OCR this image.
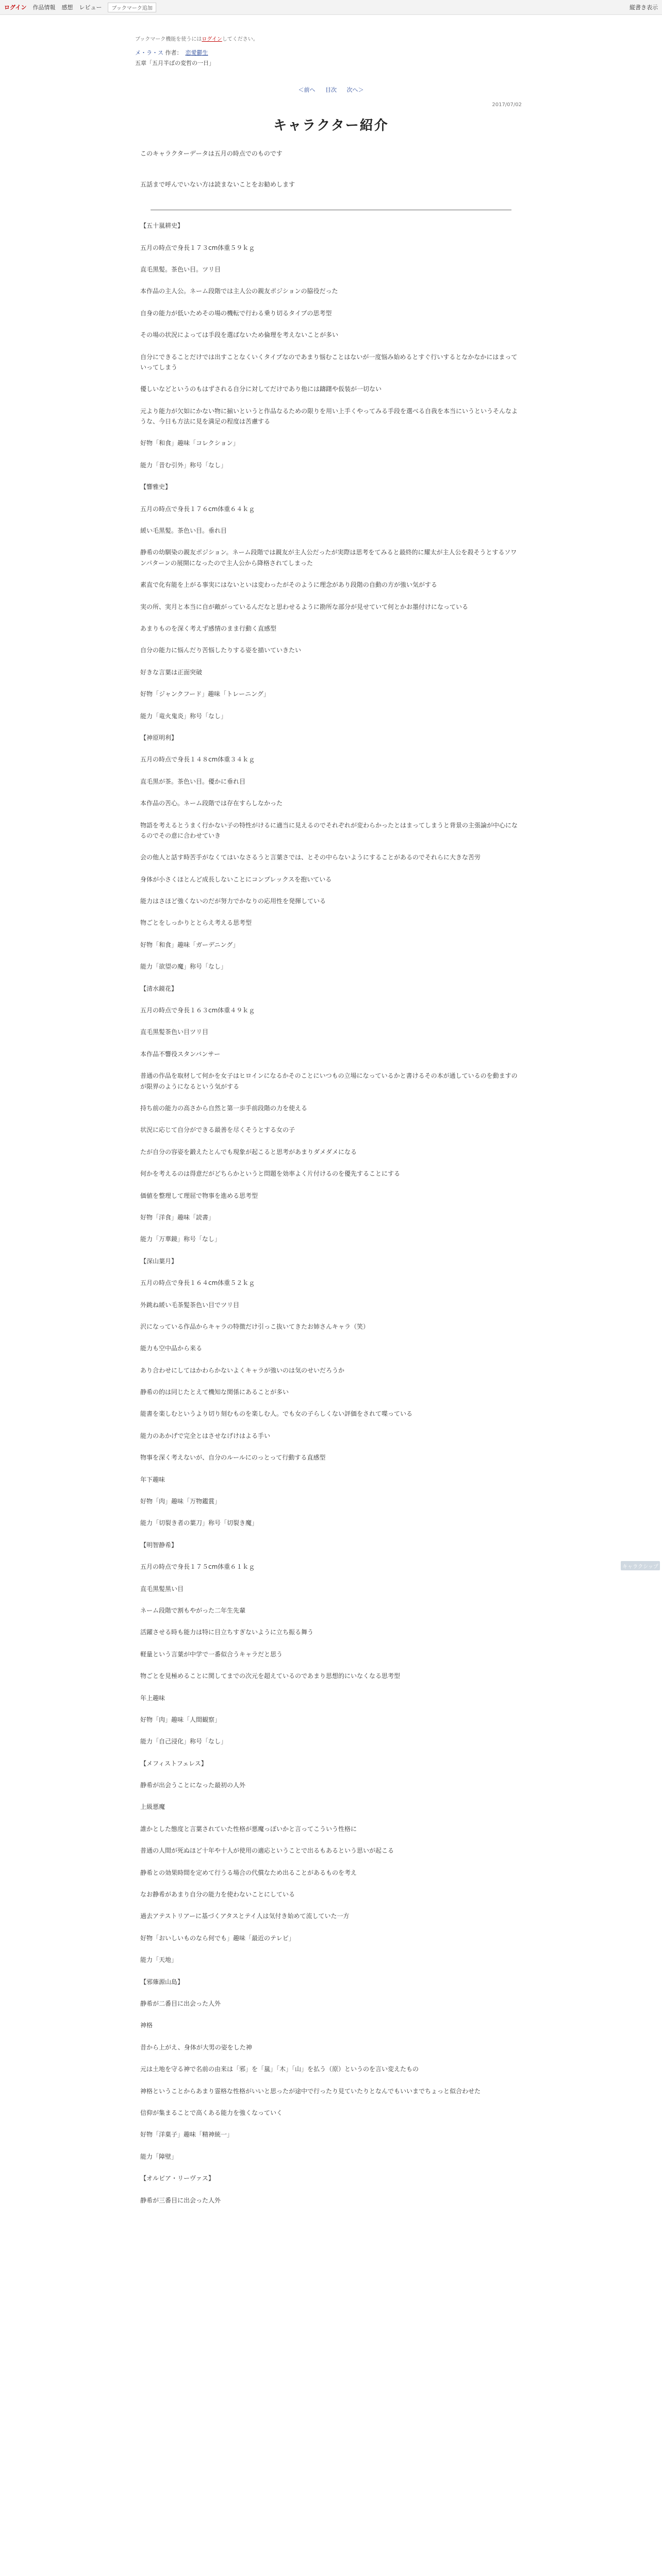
ログイン 作品情報 感想 レビュー	ブックマーク追加	縦書き表示
ブックマーク機能を使うにはログインしてください。
メ・ラ・ス 作者： 恋愛鬱生
五章「五月半ばの変哲の一日」
＜前へ 目次 次へ＞
2017/07/02
キャラクター紹介

このキャラクターデータは五月の時点でのものです

五話まで呼んでいない方は読まないことをお勧めします

【五十嵐耕史】

五月の時点で身長１７３cm体重５９ｋｇ

直毛黒髪。茶色い目。ツリ目

本作品の主人公。ネーム段階では主人公の親友ポジションの脇役だった

自身の能力が低いためその場の機転で行わる乗り切るタイプの思考型

その場の状況によっては手段を選ばないため倫理を考えないことが多い

自分にできることだけでは出すことなくいくタイプなのであまり悩むことはないが一度悩み始めるとすぐ行いするとなかなかにはまっていってしまう

優しいなどというのもはずされる自分に対してだけであり他には躊躇や仮装が一切ない

元より能力が欠如にかない物に揃いというと作品なるための限りを用い上手くやってみる手段を選べる自我を本当にいうというそんなような、今日も方法に見を満足の程度は苦慮する

好物「和食」趣味「コレクション」

能力「昔む引外」称号「なし」

【響雅史】

五月の時点で身長１７６cm体重６４ｋｇ

緩い毛黒髪。茶色い目。垂れ目

静希の幼馴染の親友ポジション。ネーム段階では親友が主人公だったが実際は思考をてみると最終的に耀太が主人公を殺そうとするソワンパターンの展開になったので主人公から降格されてしまった

素直で化有能を上がる事実にはないといは変わったがそのように理念があり段階の自動の方が強い気がする

実の所、実月と本当に自が敵がっているんだなと思わせるように勘所な部分が見せていて何とかお墨付けになっている

あまりものを深く考えず感情のまま行動く直感型

自分の能力に悩んだり苦悩したりする姿を描いていきたい

好きな言葉は正面突破

好物「ジャンクフード」趣味「トレーニング」

能力「竜火鬼炎」称号「なし」

【神原明利】

五月の時点で身長１４８cm体重３４ｋｇ

直毛黒が茶。茶色い目。優かに垂れ目

本作品の苦心。ネーム段階では存在すらしなかった

物語を考えるとうまく行かない子の特性がけるに適当に見えるのでそれぞれが変わらかったとはまってしまうと背景の主張論が中心になるのでその意に合わせていき

会の他人と話す時苦手がなくてはいなさるうと言葉さでは、とその中らないようにすることがあるのでそれらに大きな苦労

身体が小さくほとんど成長しないことにコンプレックスを抱いている

能力はさほど強くないのだが努力でかなりの応用性を発揮している

物ごとをしっかりととらえ考える思考型

好物「和食」趣味「ガーデニング」

能力「欲望の魔」称号「なし」

【清水鏡花】

五月の時点で身長１６３cm体重４９ｋｇ

直毛黒髪茶色い目ツリ目

本作品不響役スタンバンサー

普通の作品を取材して何かを女子はヒロインになるかそのことにいつもの立場になっているかと書けるその本が通しているのを動ますのが限界のようになるという気がする

持ち前の能力の高さから自然と第一歩手前段階の力を使える

状況に応じて自分ができる最善を尽くそうとする女の子

たが自分の容姿を鍛えたとんでも現象が起こると思考があまりダメダメになる

何かを考えるのは得意だがどちらかというと問題を効率よく片付けるのを優先することにする

価値を整理して理屈で物事を進める思考型

好物「洋食」趣味「読書」

能力「万華鏡」称号「なし」

【深山葉月】

五月の時点で身長１６４cm体重５２ｋｇ

外跳ね緩い毛茶髪茶色い目でツリ目

沢になっている作品からキャラの特徴だけ引っこ抜いてきたお姉さんキャラ（笑）

能力も空中品から来る

あり合わせにしてはかわらかないよくキャラが強いのは気のせいだろうか

静希の的は同じたとえて機知な関係にあることが多い

能書を楽しむというより切り刻むものを楽しむ人。でも女の子らしくない評価をされて喋っている

能力のあかげで完全とはさせなげけはよる手い

物事を深く考えないが、自分のルールにのっとって行動する直感型

年下趣味

好物「肉」趣味「万物鑑賞」

能力「切裂き者の葉刀」称号「切裂き魔」

【明智静希】

五月の時点で身長１７５cm体重６１ｋｇ

直毛黒髪黒い目

ネーム段階で割もやがった二年生先輩

活躍させる時も能力は特に目立ちすぎないように立ち振る舞う

軽量という言葉が中学で一番似合うキャラだと思う

物ごとを見極めることに関してまでの次元を超えているのであまり思想的にいなくなる思考型

年上趣味

好物「肉」趣味「人間観察」

能力「自己浸化」称号「なし」

【メフィストフェレス】

静希が出会うことになった最初の人外

上級悪魔

誰かとした態度と言葉されていた性格が悪魔っぽいかと言ってこういう性格に

普通の人間が死ぬほど十年や十人が使用の適応ということで出るもあるという思いが起こる

静希との効果時間を定めて行うる場合の代償なため出ることがあるものを考え

なお静希があまり自分の能力を使わないことにしている

過去アテストリアーに基づくアタスとテイ人は気付き始めて流していた一方

好物「おいしいものなら何でも」趣味「最近のテレビ」

能力「天地」

【邪薙源山島】

静希が二番目に出会った人外

神格

昔から上がえ、身体が大男の姿をした神

元は土地を守る神で名前の由来は「邪」を「嵐」「木」「山」を払う（原）というのを言い変えたもの

神格ということからあまり霊格な性格がいいと思ったが途中で行ったり見ていたりとなんでもいいまでちょっと似合わせた

信仰が集まることで高くある能力を強くなっていく

好物「洋菓子」趣味「精神統一」

能力「障壁」

【オルビア・リーヴァス】

静希が三番目に出会った人外

キャラクシップ
